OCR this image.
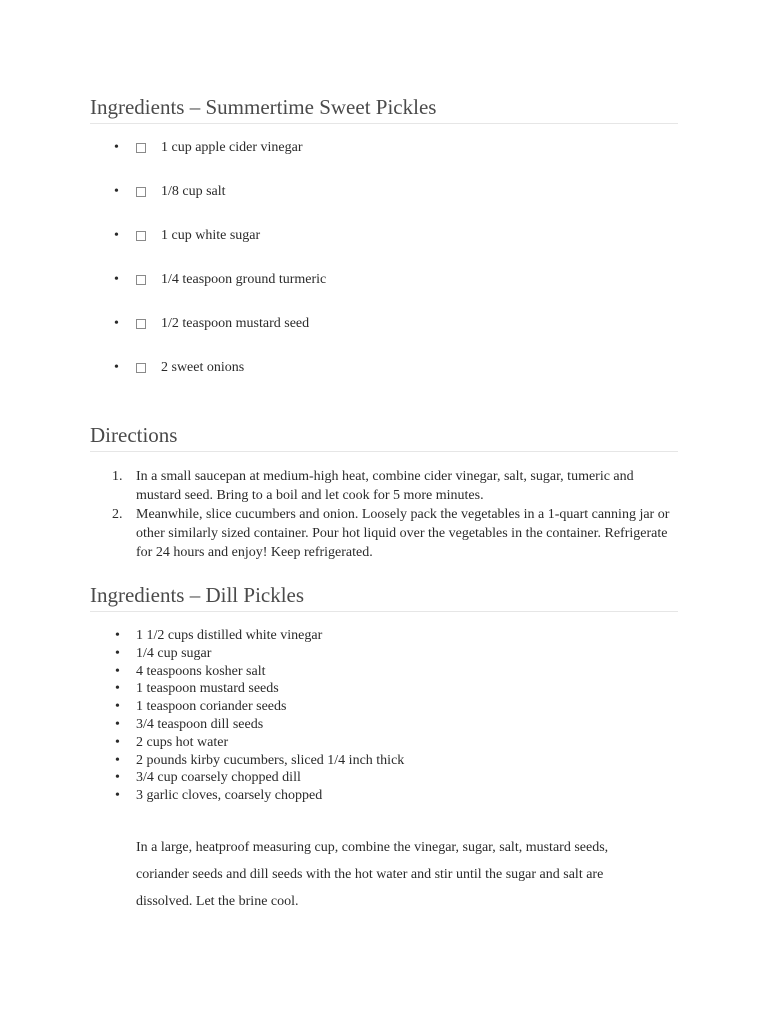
Ingredients – Summertime Sweet Pickles
•	1 cup apple cider vinegar
•	1/8 cup salt
•	1 cup white sugar
•	1/4 teaspoon ground turmeric
•	1/2 teaspoon mustard seed
•	2 sweet onions
Directions
1. In a small saucepan at medium-high heat, combine cider vinegar, salt, sugar, tumeric and mustard seed. Bring to a boil and let cook for 5 more minutes.
2. Meanwhile, slice cucumbers and onion. Loosely pack the vegetables in a 1-quart canning jar or other similarly sized container. Pour hot liquid over the vegetables in the container. Refrigerate for 24 hours and enjoy! Keep refrigerated.
Ingredients – Dill Pickles
• 1 1/2 cups distilled white vinegar
• 1/4 cup sugar
• 4 teaspoons kosher salt
• 1 teaspoon mustard seeds
• 1 teaspoon coriander seeds
• 3/4 teaspoon dill seeds
• 2 cups hot water
• 2 pounds kirby cucumbers, sliced 1/4 inch thick
• 3/4 cup coarsely chopped dill
• 3 garlic cloves, coarsely chopped

In a large, heatproof measuring cup, combine the vinegar, sugar, salt, mustard seeds, coriander seeds and dill seeds with the hot water and stir until the sugar and salt are dissolved. Let the brine cool.
